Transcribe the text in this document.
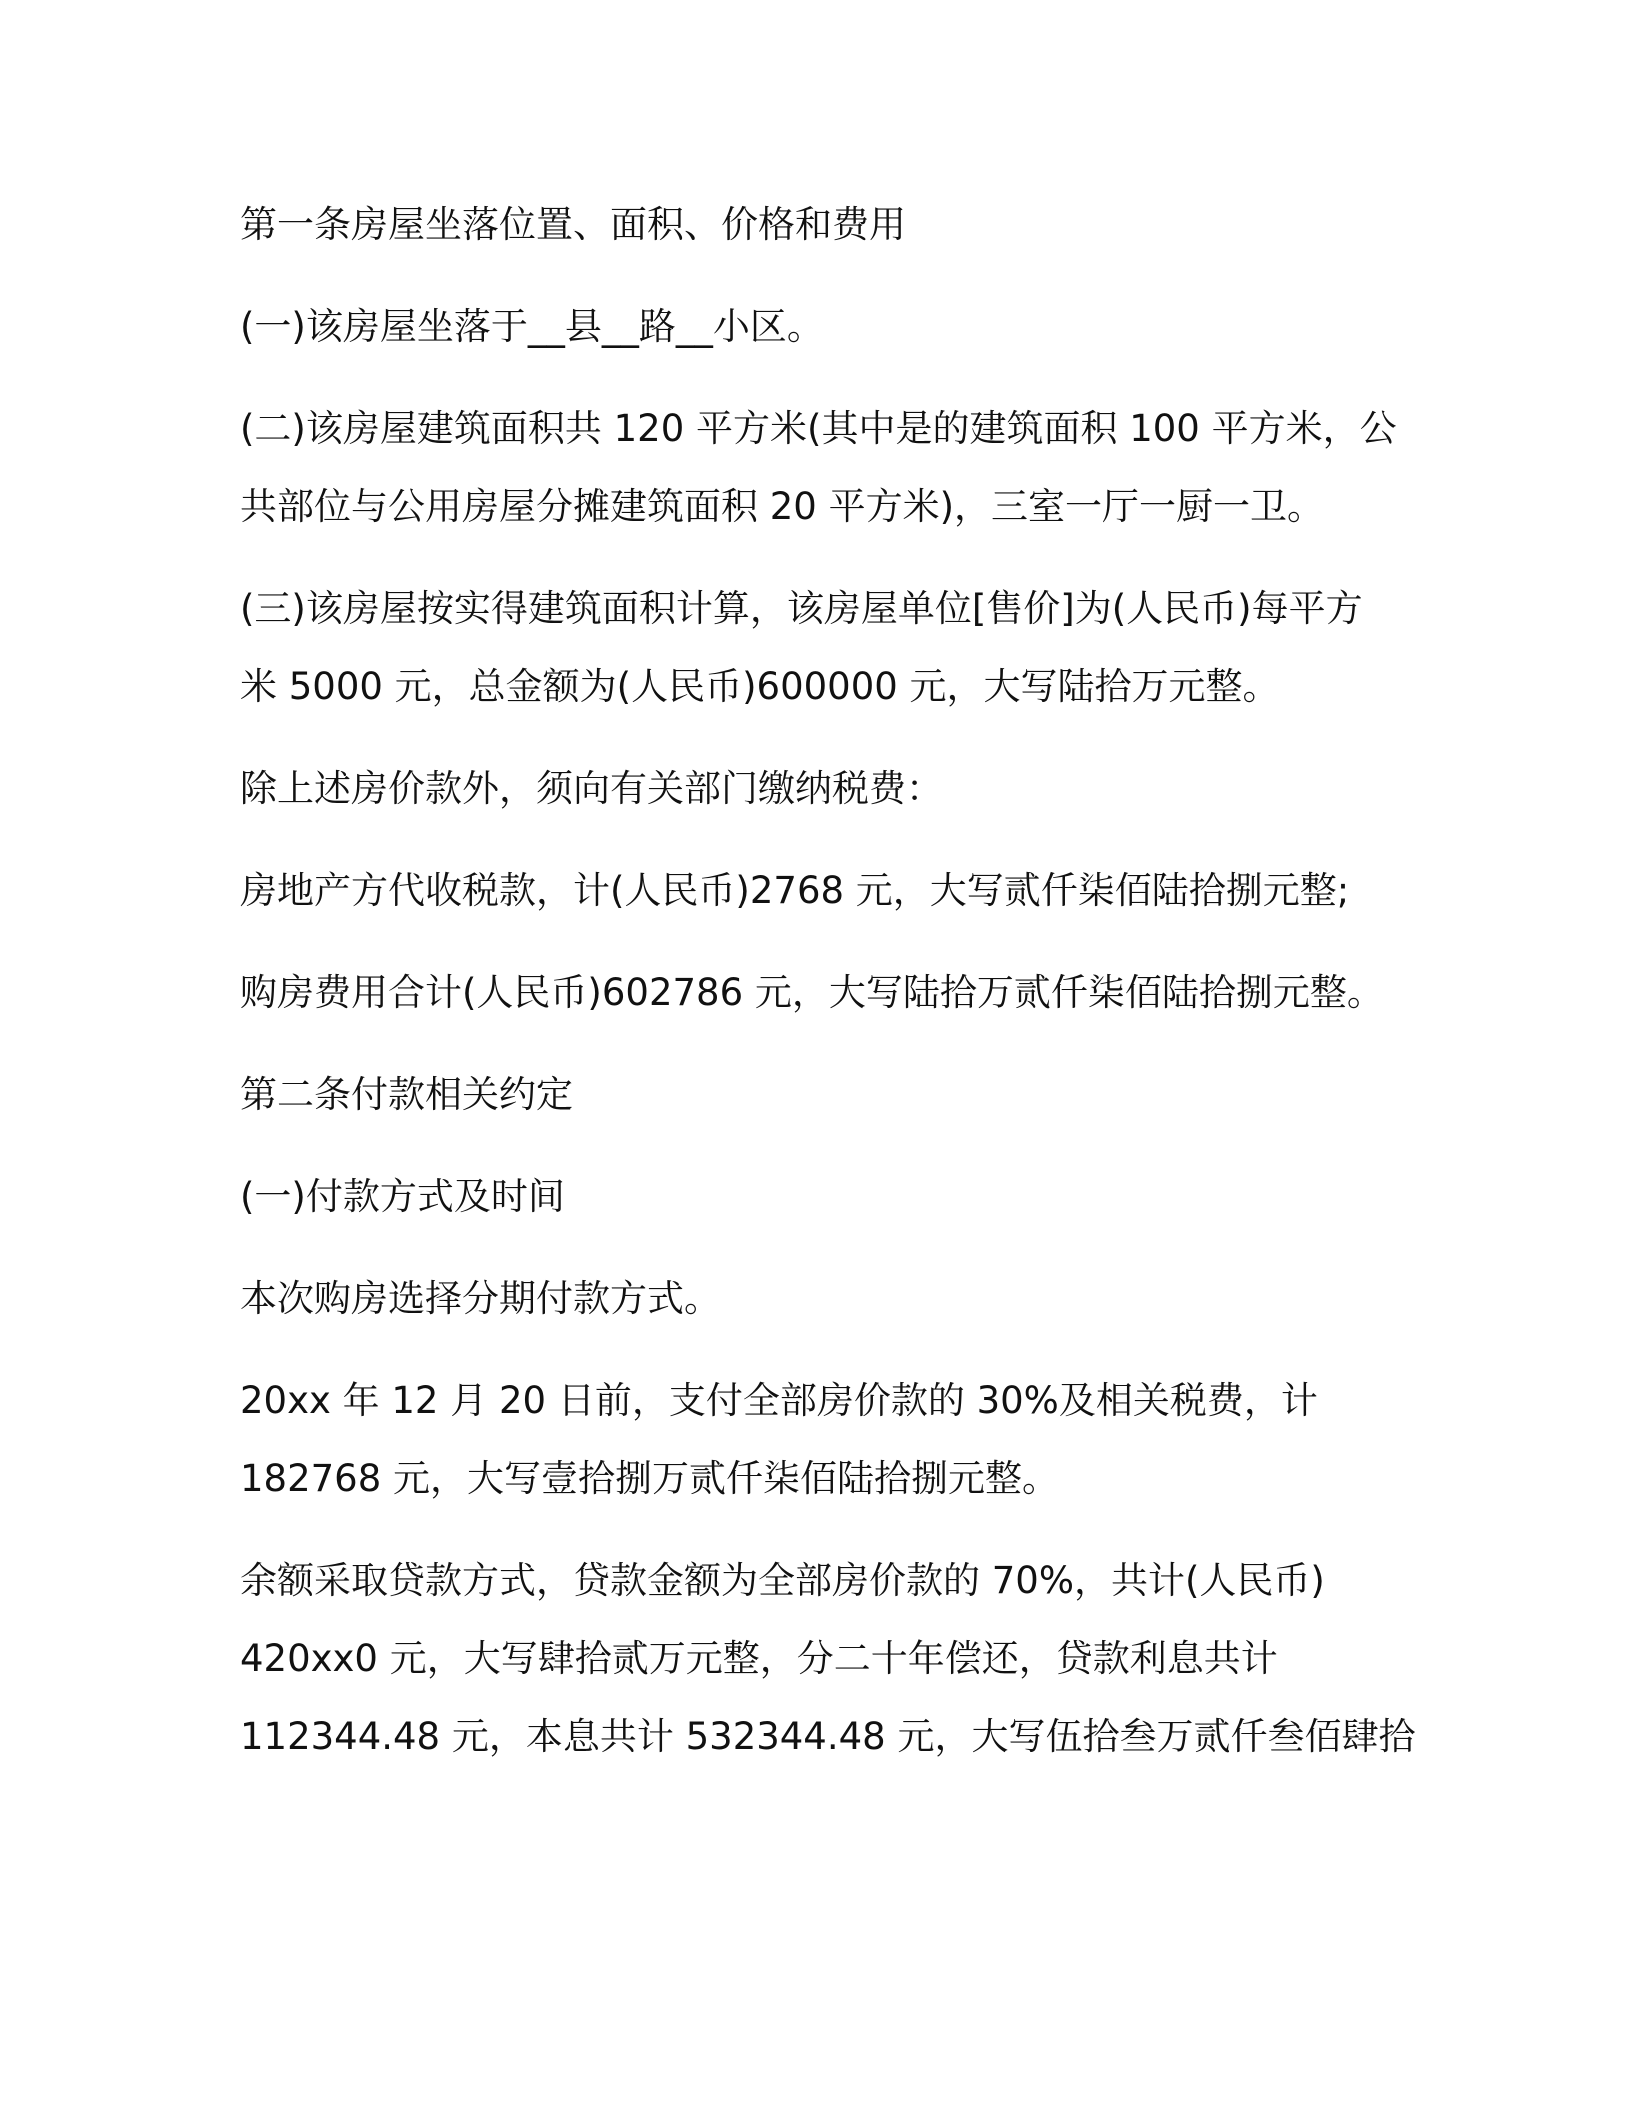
第一条房屋坐落位置、面积、价格和费用

(一)该房屋坐落于__县__路__小区。

(二)该房屋建筑面积共 120 平方米(其中是的建筑面积 100 平方米，公

共部位与公用房屋分摊建筑面积 20 平方米)，三室一厅一厨一卫。

(三)该房屋按实得建筑面积计算，该房屋单位[售价]为(人民币)每平方

米 5000 元，总金额为(人民币)600000 元，大写陆拾万元整。

除上述房价款外，须向有关部门缴纳税费：

房地产方代收税款，计(人民币)2768 元，大写贰仟柒佰陆拾捌元整;

购房费用合计(人民币)602786 元，大写陆拾万贰仟柒佰陆拾捌元整。

第二条付款相关约定

(一)付款方式及时间

本次购房选择分期付款方式。

20xx 年 12 月 20 日前，支付全部房价款的 30%及相关税费，计

182768 元，大写壹拾捌万贰仟柒佰陆拾捌元整。

余额采取贷款方式，贷款金额为全部房价款的 70%，共计(人民币)

420xx0 元，大写肆拾贰万元整，分二十年偿还，贷款利息共计

112344.48 元，本息共计 532344.48 元，大写伍拾叁万贰仟叁佰肆拾
